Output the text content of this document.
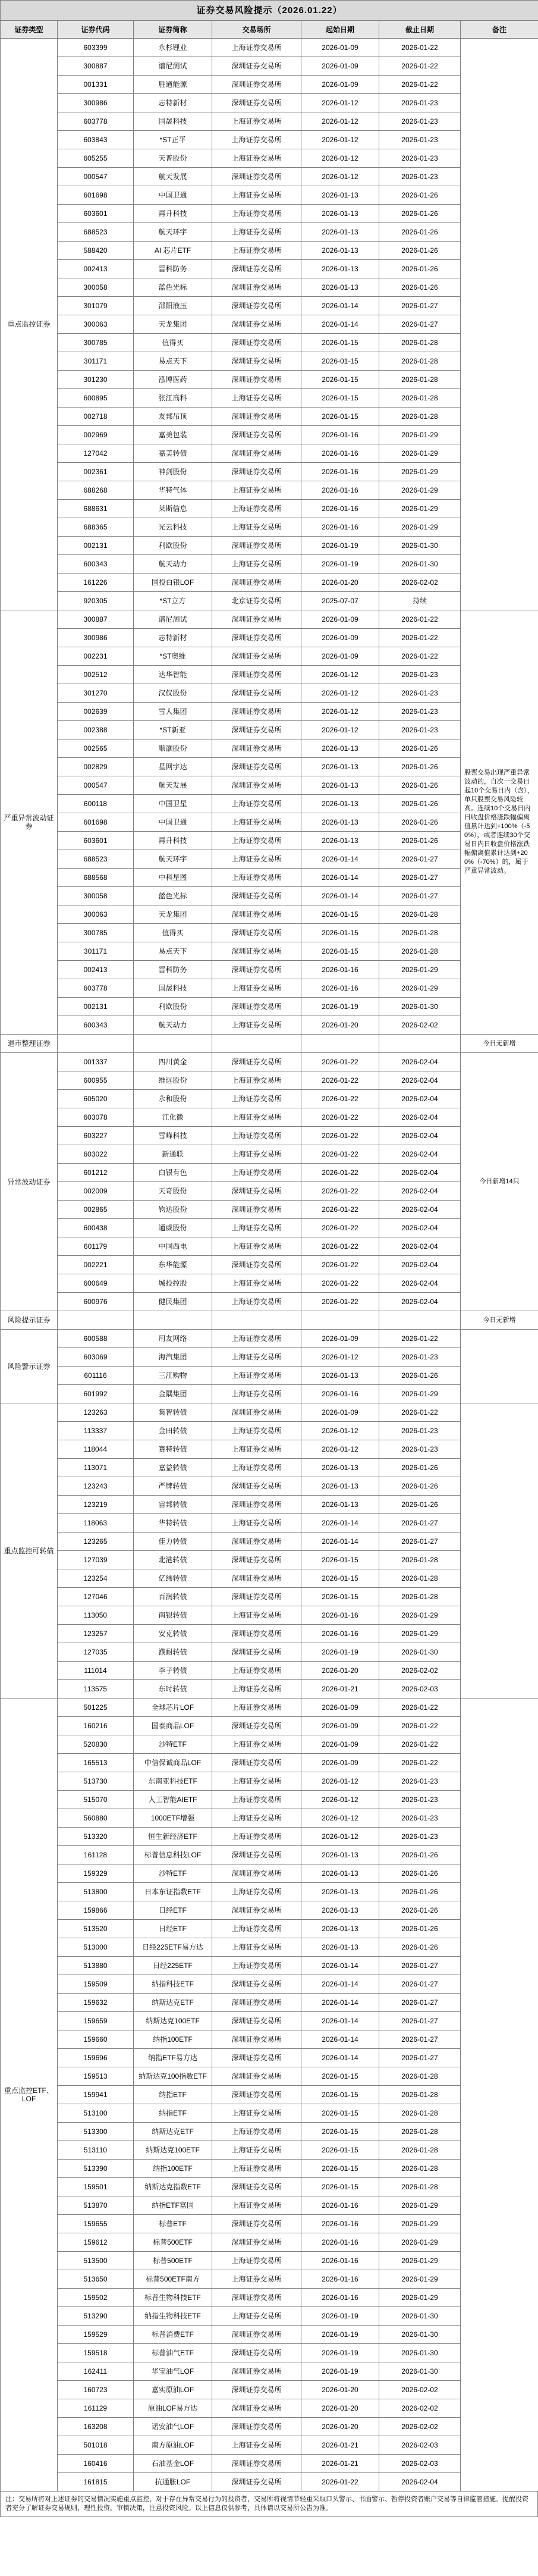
证券交易风险提示（2026.01.22）						
证券类型	证券代码	证券简称	交易场所	起始日期	截止日期	备注
重点监控证券	603399	永杉锂业	上海证券交易所	2026-01-09	2026-01-22	
	300887	谱尼测试	深圳证券交易所	2026-01-09	2026-01-22	
	001331	胜通能源	深圳证券交易所	2026-01-09	2026-01-22	
	300986	志特新材	深圳证券交易所	2026-01-12	2026-01-23	
	603778	国晟科技	上海证券交易所	2026-01-12	2026-01-23	
	603843	*ST正平	上海证券交易所	2026-01-12	2026-01-23	
	605255	天普股份	上海证券交易所	2026-01-12	2026-01-23	
	000547	航天发展	深圳证券交易所	2026-01-12	2026-01-23	
	601698	中国卫通	上海证券交易所	2026-01-13	2026-01-26	
	603601	再升科技	上海证券交易所	2026-01-13	2026-01-26	
	688523	航天环宇	上海证券交易所	2026-01-13	2026-01-26	
	588420	AI 芯片ETF	上海证券交易所	2026-01-13	2026-01-26	
	002413	雷科防务	深圳证券交易所	2026-01-13	2026-01-26	
	300058	蓝色光标	深圳证券交易所	2026-01-13	2026-01-26	
	301079	邵阳液压	深圳证券交易所	2026-01-14	2026-01-27	
	300063	天龙集团	深圳证券交易所	2026-01-14	2026-01-27	
	300785	值得买	深圳证券交易所	2026-01-15	2026-01-28	
	301171	易点天下	深圳证券交易所	2026-01-15	2026-01-28	
	301230	泓博医药	深圳证券交易所	2026-01-15	2026-01-28	
	600895	张江高科	上海证券交易所	2026-01-15	2026-01-28	
	002718	友邦吊顶	深圳证券交易所	2026-01-15	2026-01-28	
	002969	嘉美包装	深圳证券交易所	2026-01-16	2026-01-29	
	127042	嘉美转债	深圳证券交易所	2026-01-16	2026-01-29	
	002361	神剑股份	深圳证券交易所	2026-01-16	2026-01-29	
	688268	华特气体	上海证券交易所	2026-01-16	2026-01-29	
	688631	莱斯信息	上海证券交易所	2026-01-16	2026-01-29	
	688365	光云科技	上海证券交易所	2026-01-16	2026-01-29	
	002131	利欧股份	深圳证券交易所	2026-01-19	2026-01-30	
	600343	航天动力	上海证券交易所	2026-01-19	2026-01-30	
	161226	国投白银LOF	深圳证券交易所	2026-01-20	2026-02-02	
	920305	*ST立方	北京证券交易所	2025-07-07	持续	
严重异常波动证券	300887	谱尼测试	深圳证券交易所	2026-01-09	2026-01-22	股票交易出现严重异常波动的，自次一交易日起10个交易日内（含），单只股票交易风险较高。连续10个交易日内日收盘价格涨跌幅偏离值累计达到+100%（-50%），或者连续30个交易日内日收盘价格涨跌幅偏离值累计达到+200%（-70%）的，属于严重异常波动。
	300986	志特新材	深圳证券交易所	2026-01-09	2026-01-22	
	002231	*ST奥维	深圳证券交易所	2026-01-09	2026-01-22	
	002512	达华智能	深圳证券交易所	2026-01-12	2026-01-23	
	301270	汉仪股份	深圳证券交易所	2026-01-12	2026-01-23	
	002639	雪人集团	深圳证券交易所	2026-01-12	2026-01-23	
	002388	*ST新亚	深圳证券交易所	2026-01-12	2026-01-23	
	002565	顺灏股份	深圳证券交易所	2026-01-13	2026-01-26	
	002829	星网宇达	深圳证券交易所	2026-01-13	2026-01-26	
	000547	航天发展	深圳证券交易所	2026-01-13	2026-01-26	
	600118	中国卫星	上海证券交易所	2026-01-13	2026-01-26	
	601698	中国卫通	上海证券交易所	2026-01-13	2026-01-26	
	603601	再升科技	上海证券交易所	2026-01-13	2026-01-26	
	688523	航天环宇	上海证券交易所	2026-01-14	2026-01-27	
	688568	中科星图	上海证券交易所	2026-01-14	2026-01-27	
	300058	蓝色光标	深圳证券交易所	2026-01-14	2026-01-27	
	300063	天龙集团	深圳证券交易所	2026-01-15	2026-01-28	
	300785	值得买	深圳证券交易所	2026-01-15	2026-01-28	
	301171	易点天下	深圳证券交易所	2026-01-15	2026-01-28	
	002413	雷科防务	深圳证券交易所	2026-01-16	2026-01-29	
	603778	国晟科技	上海证券交易所	2026-01-16	2026-01-29	
	002131	利欧股份	深圳证券交易所	2026-01-19	2026-01-30	
	600343	航天动力	上海证券交易所	2026-01-20	2026-02-02	
退市整理证券						今日无新增
异常波动证券	001337	四川黄金	深圳证券交易所	2026-01-22	2026-02-04	今日新增14只
	600955	维远股份	上海证券交易所	2026-01-22	2026-02-04	
	605020	永和股份	上海证券交易所	2026-01-22	2026-02-04	
	603078	江化微	上海证券交易所	2026-01-22	2026-02-04	
	603227	雪峰科技	上海证券交易所	2026-01-22	2026-02-04	
	603022	新通联	上海证券交易所	2026-01-22	2026-02-04	
	601212	白银有色	上海证券交易所	2026-01-22	2026-02-04	
	002009	天奇股份	深圳证券交易所	2026-01-22	2026-02-04	
	002865	钧达股份	深圳证券交易所	2026-01-22	2026-02-04	
	600438	通威股份	上海证券交易所	2026-01-22	2026-02-04	
	601179	中国西电	上海证券交易所	2026-01-22	2026-02-04	
	002221	东华能源	深圳证券交易所	2026-01-22	2026-02-04	
	600649	城投控股	上海证券交易所	2026-01-22	2026-02-04	
	600976	健民集团	上海证券交易所	2026-01-22	2026-02-04	
风险提示证券						今日无新增
风险警示证券	600588	用友网络	上海证券交易所	2026-01-09	2026-01-22	
	603069	海汽集团	上海证券交易所	2026-01-12	2026-01-23	
	601116	三江购物	上海证券交易所	2026-01-13	2026-01-26	
	601992	金隅集团	上海证券交易所	2026-01-16	2026-01-29	
重点监控可转债	123263	集智转债	深圳证券交易所	2026-01-09	2026-01-22	
	113337	金田转债	上海证券交易所	2026-01-12	2026-01-23	
	118044	赛特转债	上海证券交易所	2026-01-12	2026-01-23	
	113071	嘉益转债	上海证券交易所	2026-01-13	2026-01-26	
	123243	严牌转债	深圳证券交易所	2026-01-13	2026-01-26	
	123219	宙邦转债	深圳证券交易所	2026-01-13	2026-01-26	
	118063	华特转债	上海证券交易所	2026-01-14	2026-01-27	
	123265	佳力转债	深圳证券交易所	2026-01-14	2026-01-27	
	127039	北港转债	深圳证券交易所	2026-01-15	2026-01-28	
	123254	亿纬转债	深圳证券交易所	2026-01-15	2026-01-28	
	127046	百润转债	深圳证券交易所	2026-01-15	2026-01-28	
	113050	南银转债	上海证券交易所	2026-01-16	2026-01-29	
	123257	安克转债	深圳证券交易所	2026-01-16	2026-01-29	
	127035	濮耐转债	深圳证券交易所	2026-01-19	2026-01-30	
	111014	李子转债	上海证券交易所	2026-01-20	2026-02-02	
	113575	东时转债	上海证券交易所	2026-01-21	2026-02-03	
重点监控ETF、LOF	501225	全球芯片LOF	上海证券交易所	2026-01-09	2026-01-22	
	160216	国泰商品LOF	深圳证券交易所	2026-01-09	2026-01-22	
	520830	沙特ETF	上海证券交易所	2026-01-09	2026-01-22	
	165513	中信保诚商品LOF	深圳证券交易所	2026-01-09	2026-01-22	
	513730	东南亚科技ETF	上海证券交易所	2026-01-12	2026-01-23	
	515070	人工智能AIETF	上海证券交易所	2026-01-12	2026-01-23	
	560880	1000ETF增强	上海证券交易所	2026-01-12	2026-01-23	
	513320	恒生新经济ETF	上海证券交易所	2026-01-12	2026-01-23	
	161128	标普信息科技LOF	深圳证券交易所	2026-01-13	2026-01-26	
	159329	沙特ETF	深圳证券交易所	2026-01-13	2026-01-26	
	513800	日本东证指数ETF	上海证券交易所	2026-01-13	2026-01-26	
	159866	日经ETF	深圳证券交易所	2026-01-13	2026-01-26	
	513520	日经ETF	上海证券交易所	2026-01-13	2026-01-26	
	513000	日经225ETF易方达	上海证券交易所	2026-01-13	2026-01-26	
	513880	日经225ETF	上海证券交易所	2026-01-14	2026-01-27	
	159509	纳指科技ETF	深圳证券交易所	2026-01-14	2026-01-27	
	159632	纳斯达克ETF	深圳证券交易所	2026-01-14	2026-01-27	
	159659	纳斯达克100ETF	深圳证券交易所	2026-01-14	2026-01-27	
	159660	纳指100ETF	深圳证券交易所	2026-01-14	2026-01-27	
	159696	纳指ETF易方达	深圳证券交易所	2026-01-14	2026-01-27	
	159513	纳斯达克100指数ETF	深圳证券交易所	2026-01-15	2026-01-28	
	159941	纳指ETF	深圳证券交易所	2026-01-15	2026-01-28	
	513100	纳指ETF	上海证券交易所	2026-01-15	2026-01-28	
	513300	纳斯达克ETF	上海证券交易所	2026-01-15	2026-01-28	
	513110	纳斯达克100ETF	上海证券交易所	2026-01-15	2026-01-28	
	513390	纳指100ETF	上海证券交易所	2026-01-15	2026-01-28	
	159501	纳斯达克指数ETF	深圳证券交易所	2026-01-15	2026-01-28	
	513870	纳指ETF富国	上海证券交易所	2026-01-16	2026-01-29	
	159655	标普ETF	深圳证券交易所	2026-01-16	2026-01-29	
	159612	标普500ETF	深圳证券交易所	2026-01-16	2026-01-29	
	513500	标普500ETF	上海证券交易所	2026-01-16	2026-01-29	
	513650	标普500ETF南方	上海证券交易所	2026-01-16	2026-01-29	
	159502	标普生物科技ETF	深圳证券交易所	2026-01-16	2026-01-29	
	513290	纳指生物科技ETF	上海证券交易所	2026-01-19	2026-01-30	
	159529	标普消费ETF	深圳证券交易所	2026-01-19	2026-01-30	
	159518	标普油气ETF	深圳证券交易所	2026-01-19	2026-01-30	
	162411	华宝油气LOF	深圳证券交易所	2026-01-19	2026-01-30	
	160723	嘉实原油LOF	深圳证券交易所	2026-01-20	2026-02-02	
	161129	原油LOF易方达	深圳证券交易所	2026-01-20	2026-02-02	
	163208	诺安油气LOF	深圳证券交易所	2026-01-20	2026-02-02	
	501018	南方原油LOF	上海证券交易所	2026-01-21	2026-02-03	
	160416	石油基金LOF	深圳证券交易所	2026-01-21	2026-02-03	
	161815	抗通胀LOF	深圳证券交易所	2026-01-22	2026-02-04	

注：交易所将对上述证券的交易情况实施重点监控，对于存在异常交易行为的投资者，交易所将视情节轻重采取口头警示、书面警示、暂停投资者账户交易等自律监管措施。提醒投资者充分了解证券交易规则，理性投资，审慎决策，注意投资风险。以上信息仅供参考，具体请以交易所公告为准。
